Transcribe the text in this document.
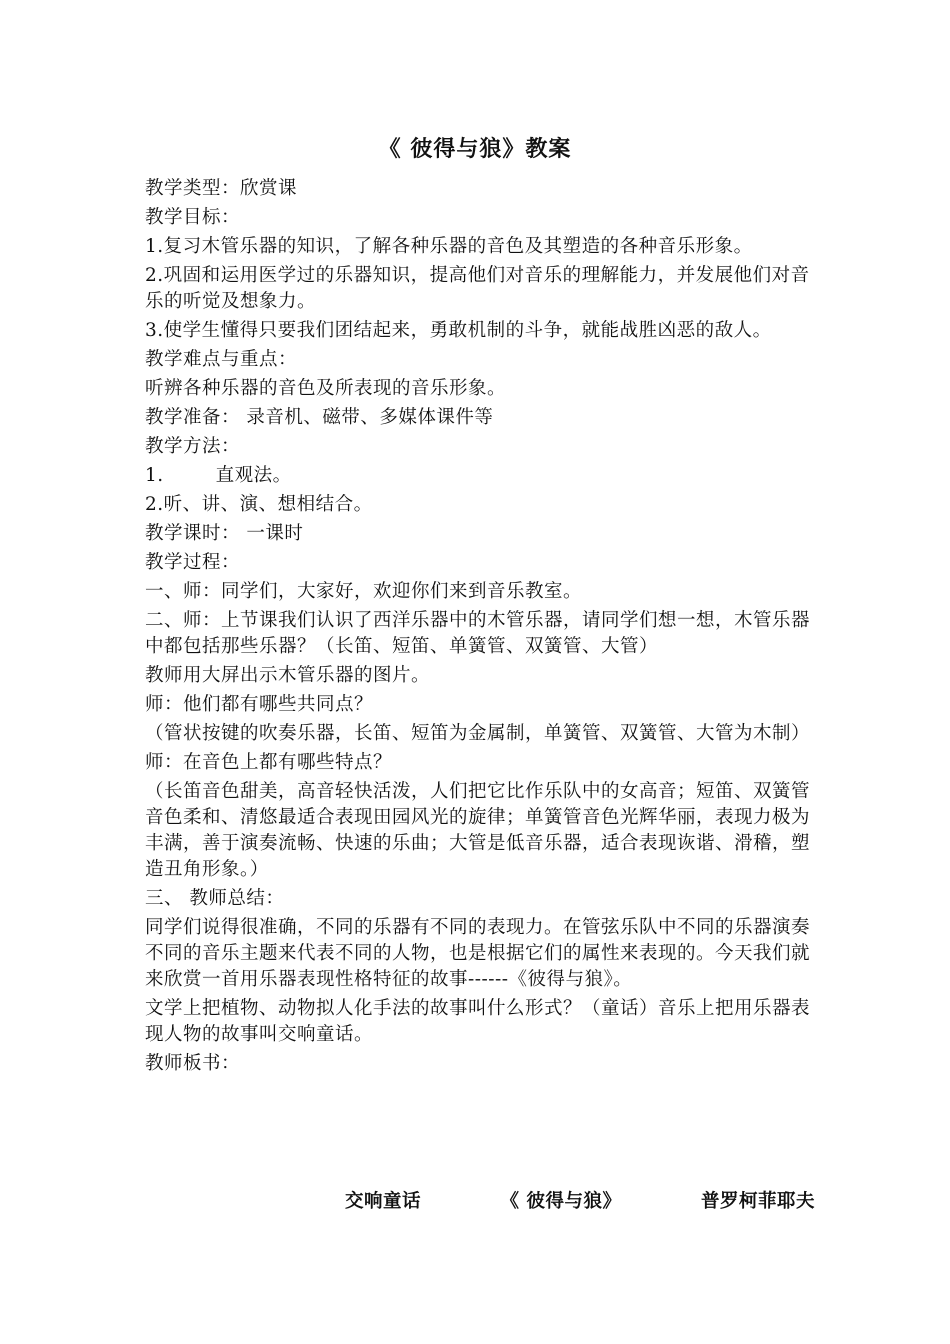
《 彼得与狼》教案

教学类型：欣赏课

教学目标：

1.复习木管乐器的知识，了解各种乐器的音色及其塑造的各种音乐形象。

2.巩固和运用医学过的乐器知识，提高他们对音乐的理解能力，并发展他们对音乐的听觉及想象力。

3.使学生懂得只要我们团结起来，勇敢机制的斗争，就能战胜凶恶的敌人。

教学难点与重点：

听辨各种乐器的音色及所表现的音乐形象。

教学准备： 录音机、磁带、多媒体课件等

教学方法：

1.	直观法。

2.听、讲、演、想相结合。

教学课时： 一课时

教学过程：

一、师：同学们，大家好，欢迎你们来到音乐教室。

二、师：上节课我们认识了西洋乐器中的木管乐器，请同学们想一想，木管乐器中都包括那些乐器？（长笛、短笛、单簧管、双簧管、大管）

教师用大屏出示木管乐器的图片。

师：他们都有哪些共同点？

（管状按键的吹奏乐器，长笛、短笛为金属制，单簧管、双簧管、大管为木制）

师：在音色上都有哪些特点？

（长笛音色甜美，高音轻快活泼，人们把它比作乐队中的女高音；短笛、双簧管音色柔和、清悠最适合表现田园风光的旋律；单簧管音色光辉华丽，表现力极为丰满，善于演奏流畅、快速的乐曲；大管是低音乐器，适合表现诙谐、滑稽，塑造丑角形象。）

三、 教师总结：

同学们说得很准确，不同的乐器有不同的表现力。在管弦乐队中不同的乐器演奏不同的音乐主题来代表不同的人物，也是根据它们的属性来表现的。今天我们就来欣赏一首用乐器表现性格特征的故事------《彼得与狼》。

文学上把植物、动物拟人化手法的故事叫什么形式？（童话）音乐上把用乐器表现人物的故事叫交响童话。

教师板书：

交响童话	《 彼得与狼》	普罗柯菲耶夫
